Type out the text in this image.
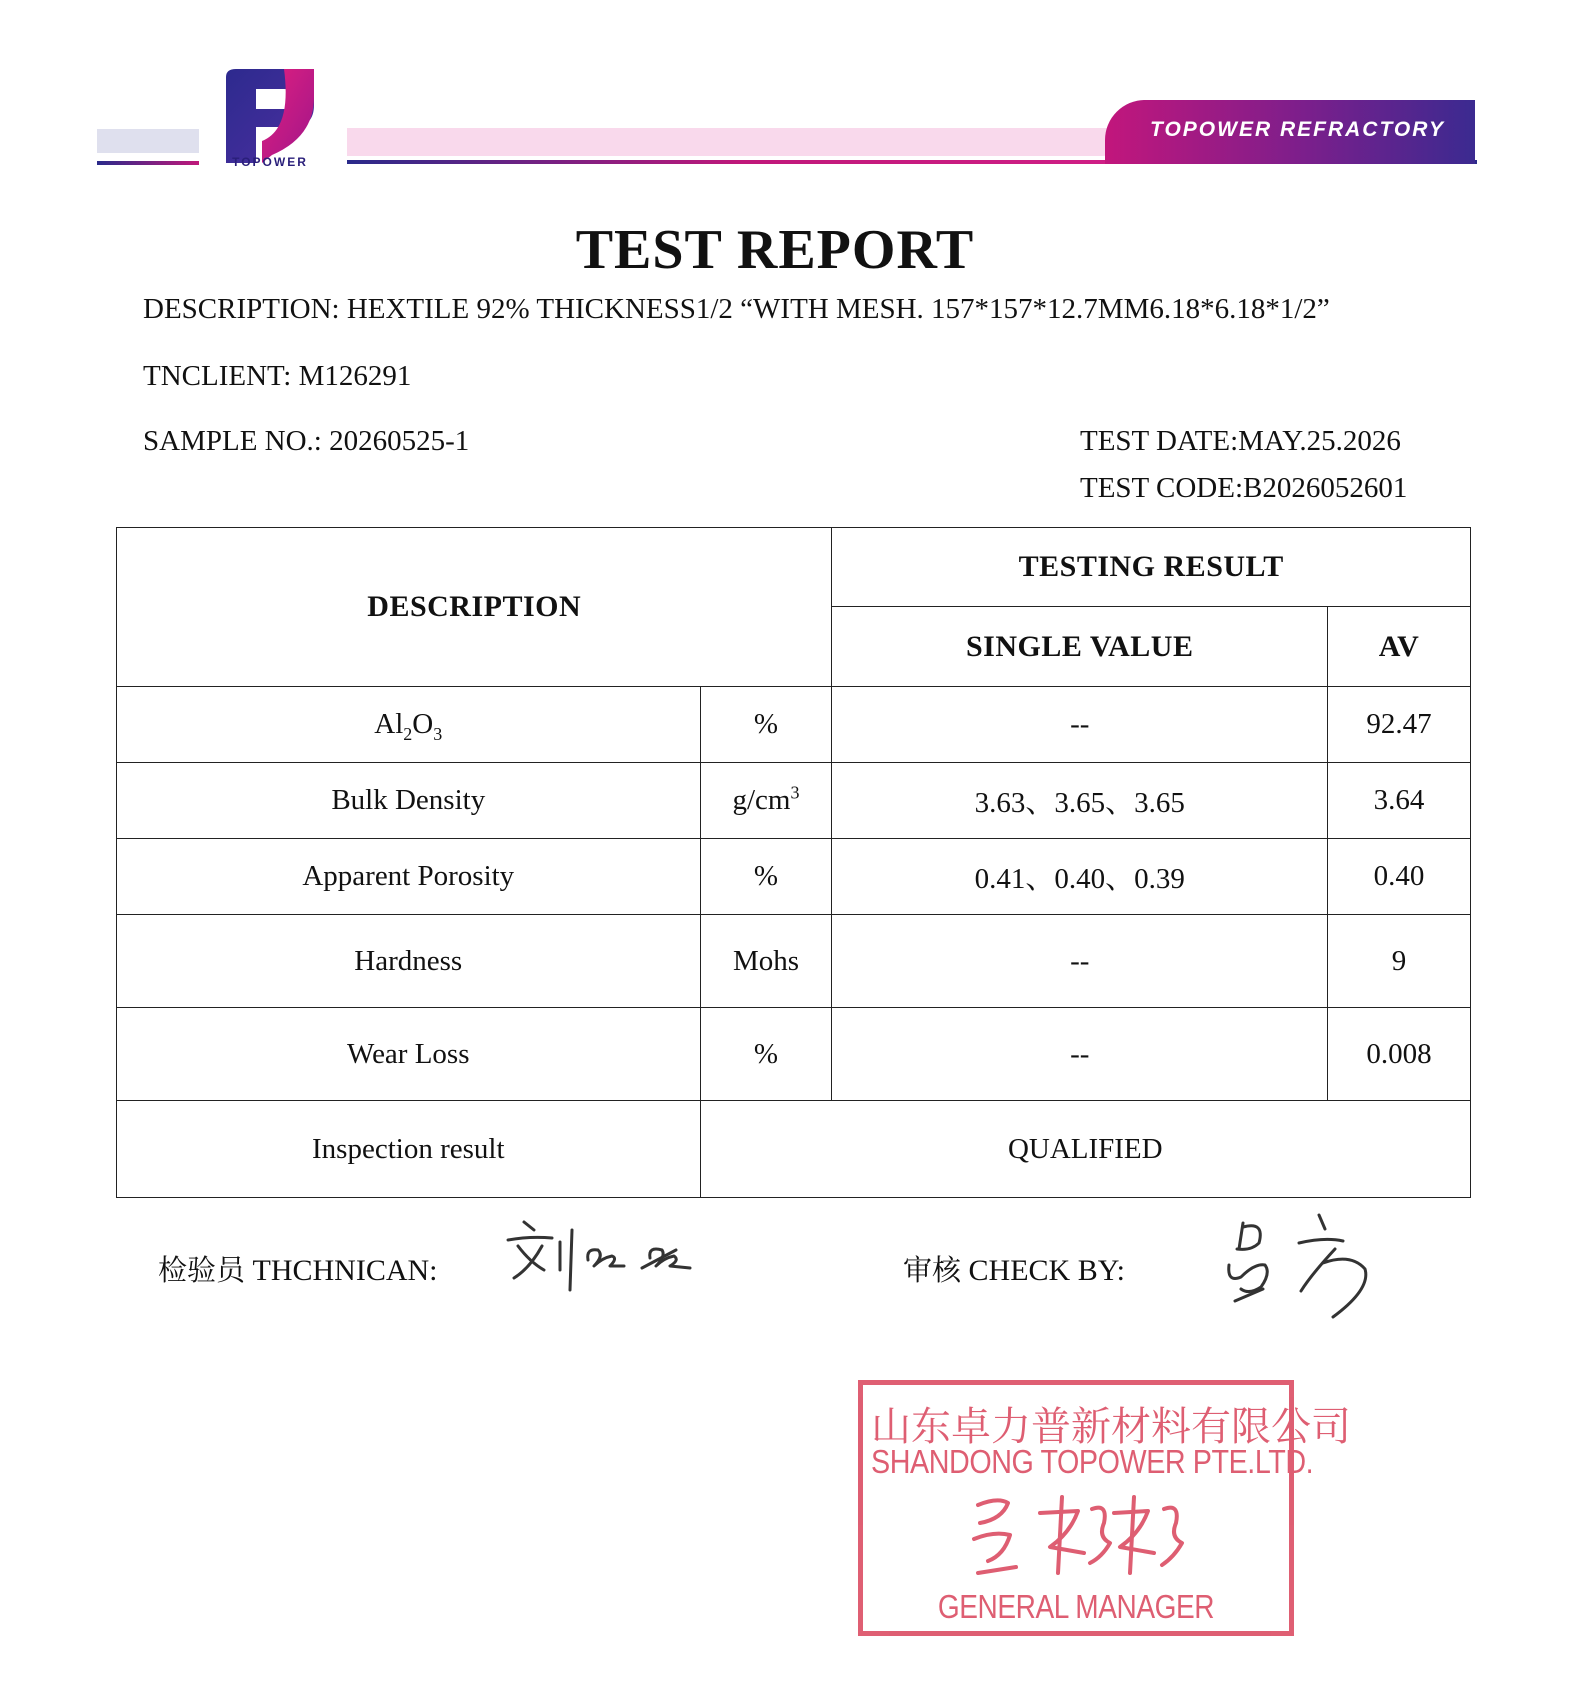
TOPOWER
TOPOWER REFRACTORY
TEST REPORT
DESCRIPTION: HEXTILE 92% THICKNESS1/2 “WITH MESH. 157*157*12.7MM6.18*6.18*1/2”
TNCLIENT: M126291
SAMPLE NO.: 20260525-1	TEST DATE:MAY.25.2026
TEST CODE:B2026052601
DESCRIPTION		TESTING RESULT	
		SINGLE VALUE	AV
$Al_2O_3$	%	--	92.47
Bulk Density	$g/cm^3$	3.63、3.65、3.65	3.64
Apparent Porosity	%	0.41、0.40、0.39	0.40
Hardness	Mohs	--	9
Wear Loss	%	--	0.008
Inspection result	QUALIFIED		
检验员 THCHNICAN:	审核 CHECK BY:
山东卓力普新材料有限公司
SHANDONG TOPOWER PTE.LTD.
GENERAL MANAGER
